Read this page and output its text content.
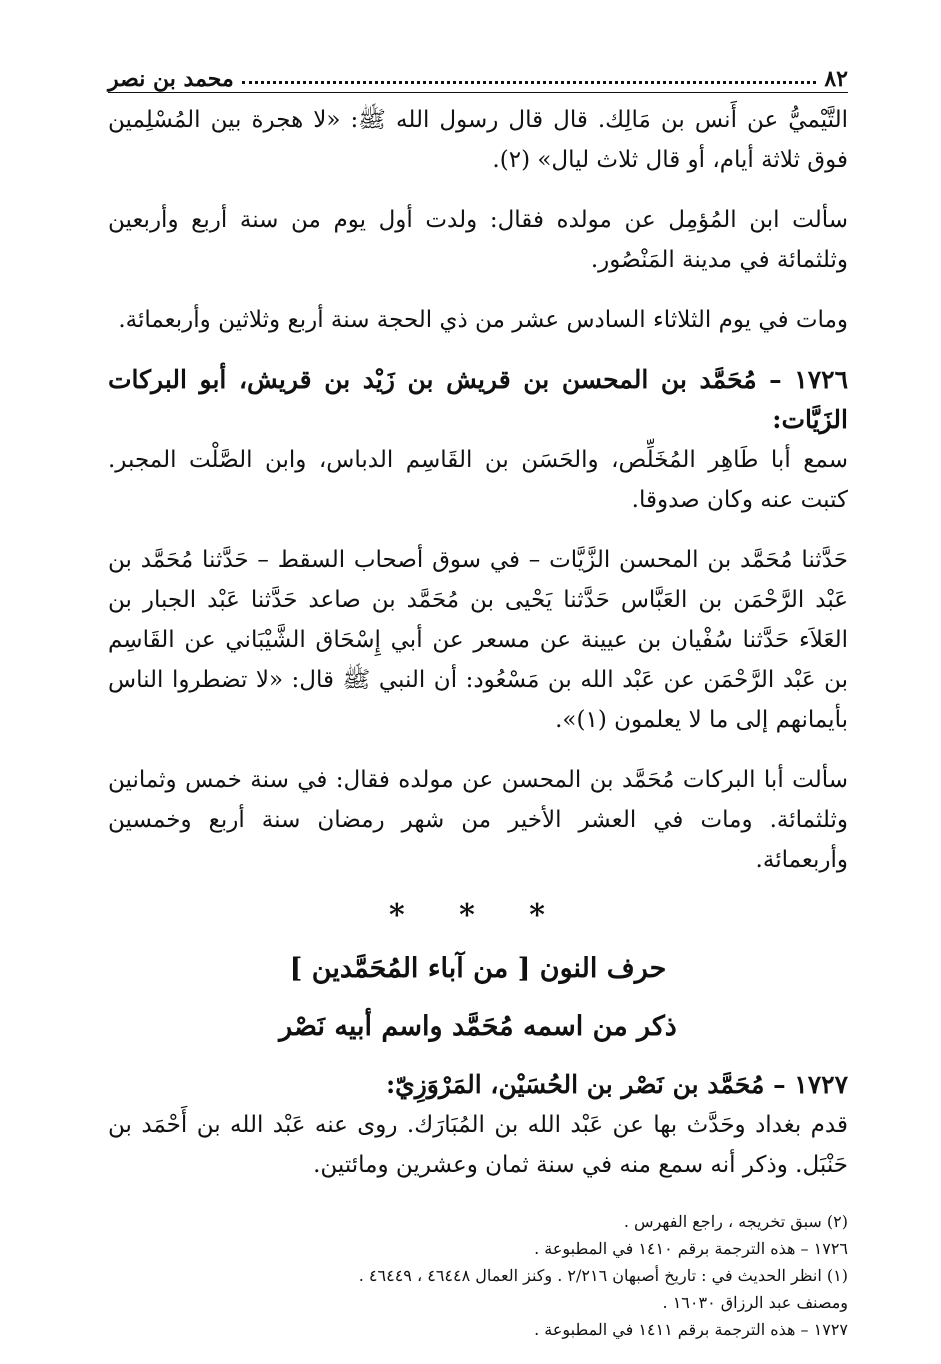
٨٢
محمد بن نصر

التَّيْميُّ عن أَنس بن مَالِك. قال قال رسول الله ﷺ: «لا هجرة بين المُسْلِمين فوق ثلاثة أيام، أو قال ثلاث ليال» (٢).

سألت ابن المُؤمِل عن مولده فقال: ولدت أول يوم من سنة أربع وأربعين وثلثمائة في مدينة المَنْصُور.

ومات في يوم الثلاثاء السادس عشر من ذي الحجة سنة أربع وثلاثين وأربعمائة.

١٧٢٦ – مُحَمَّد بن المحسن بن قريش بن زَيْد بن قريش، أبو البركات الزَيَّات:

سمع أبا طَاهِر المُخَلِّص، والحَسَن بن القَاسِم الدباس، وابن الصَّلْت المجبر. كتبت عنه وكان صدوقا.

حَدَّثنا مُحَمَّد بن المحسن الزَّيَّات – في سوق أصحاب السقط – حَدَّثنا مُحَمَّد بن عَبْد الرَّحْمَن بن العَبَّاس حَدَّثنا يَحْيى بن مُحَمَّد بن صاعد حَدَّثنا عَبْد الجبار بن العَلاَء حَدَّثنا سُفْيان بن عيينة عن مسعر عن أبي إِسْحَاق الشَّيْبَاني عن القَاسِم بن عَبْد الرَّحْمَن عن عَبْد الله بن مَسْعُود: أن النبي ﷺ قال: «لا تضطروا الناس بأيمانهم إلى ما لا يعلمون (١)».

سألت أبا البركات مُحَمَّد بن المحسن عن مولده فقال: في سنة خمس وثمانين وثلثمائة. ومات في العشر الأخير من شهر رمضان سنة أربع وخمسين وأربعمائة.

* * *
حرف النون [ من آباء المُحَمَّدين ]
ذكر من اسمه مُحَمَّد واسم أبيه نَصْر

١٧٢٧ – مُحَمَّد بن نَصْر بن الحُسَيْن، المَرْوَزِيّ:

قدم بغداد وحَدَّث بها عن عَبْد الله بن المُبَارَك. روى عنه عَبْد الله بن أَحْمَد بن حَنْبَل. وذكر أنه سمع منه في سنة ثمان وعشرين ومائتين.

(٢) سبق تخريجه ، راجع الفهرس .
١٧٢٦ – هذه الترجمة برقم ١٤١٠ في المطبوعة .
(١) انظر الحديث في : تاريخ أصبهان ٢/٢١٦ . وكنز العمال ٤٦٤٤٨ ، ٤٦٤٤٩ .
ومصنف عبد الرزاق ١٦٠٣٠ .
١٧٢٧ – هذه الترجمة برقم ١٤١١ في المطبوعة .
